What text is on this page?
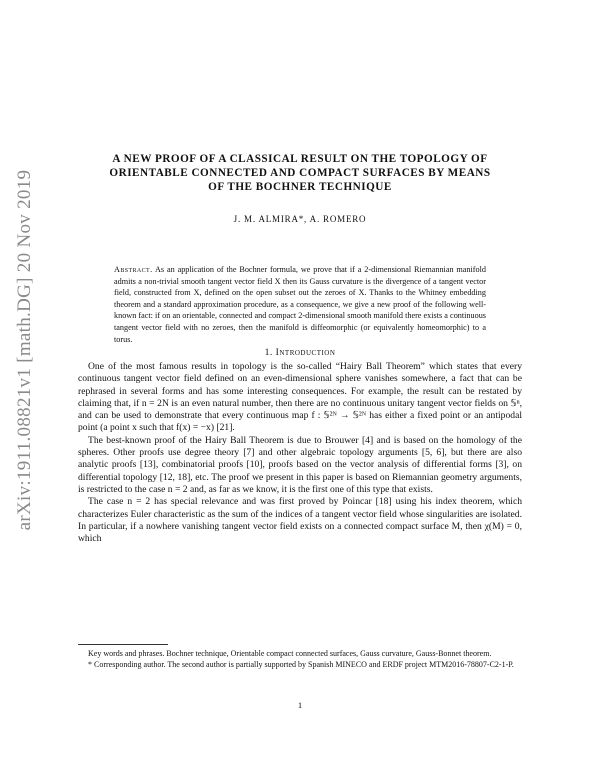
arXiv:1911.08821v1 [math.DG] 20 Nov 2019
A NEW PROOF OF A CLASSICAL RESULT ON THE TOPOLOGY OF
ORIENTABLE CONNECTED AND COMPACT SURFACES BY MEANS
OF THE BOCHNER TECHNIQUE
J. M. ALMIRA*, A. ROMERO
Abstract. As an application of the Bochner formula, we prove that if a 2-dimensional Riemannian manifold admits a non-trivial smooth tangent vector field X then its Gauss curvature is the divergence of a tangent vector field, constructed from X, defined on the open subset out the zeroes of X. Thanks to the Whitney embedding theorem and a standard approximation procedure, as a consequence, we give a new proof of the following well-known fact: if on an orientable, connected and compact 2-dimensional smooth manifold there exists a continuous tangent vector field with no zeroes, then the manifold is diffeomorphic (or equivalently homeomorphic) to a torus.
1. Introduction

One of the most famous results in topology is the so-called “Hairy Ball Theorem” which states that every continuous tangent vector field defined on an even-dimensional sphere vanishes somewhere, a fact that can be rephrased in several forms and has some interesting consequences. For example, the result can be restated by claiming that, if n = 2N is an even natural number, then there are no continuous unitary tangent vector fields on 𝕊ⁿ, and can be used to demonstrate that every continuous map f : 𝕊²ᴺ → 𝕊²ᴺ has either a fixed point or an antipodal point (a point x such that f(x) = −x) [21].

The best-known proof of the Hairy Ball Theorem is due to Brouwer [4] and is based on the homology of the spheres. Other proofs use degree theory [7] and other algebraic topology arguments [5, 6], but there are also analytic proofs [13], combinatorial proofs [10], proofs based on the vector analysis of differential forms [3], on differential topology [12, 18], etc. The proof we present in this paper is based on Riemannian geometry arguments, is restricted to the case n = 2 and, as far as we know, it is the first one of this type that exists.

The case n = 2 has special relevance and was first proved by Poincar [18] using his index theorem, which characterizes Euler characteristic as the sum of the indices of a tangent vector field whose singularities are isolated. In particular, if a nowhere vanishing tangent vector field exists on a connected compact surface M, then χ(M) = 0, which

Key words and phrases. Bochner technique, Orientable compact connected surfaces, Gauss curvature, Gauss-Bonnet theorem.

* Corresponding author. The second author is partially supported by Spanish MINECO and ERDF project MTM2016-78807-C2-1-P.

1
